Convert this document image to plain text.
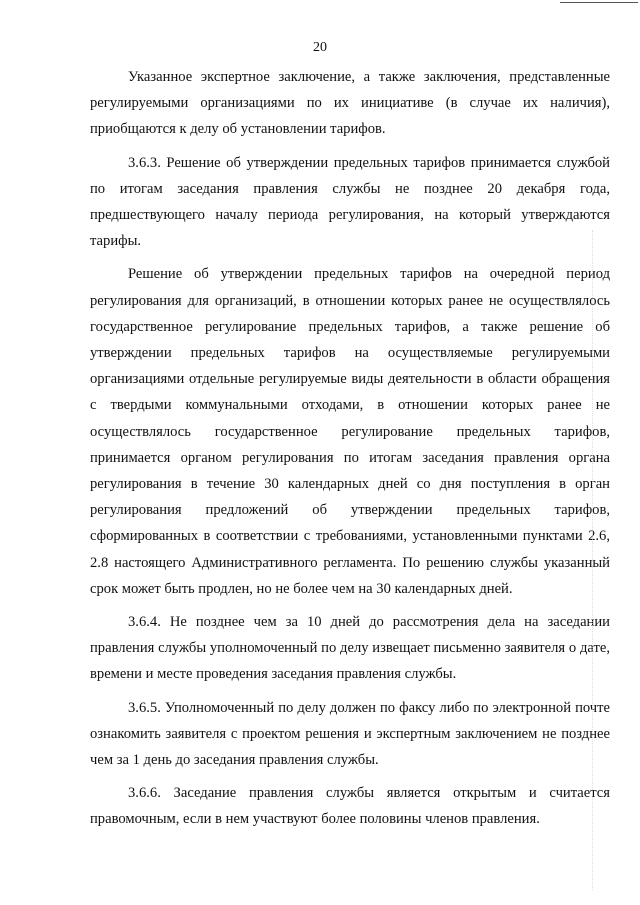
20

Указанное экспертное заключение, а также заключения, представленные регулируемыми организациями по их инициативе (в случае их наличия), приобщаются к делу об установлении тарифов.

3.6.3. Решение об утверждении предельных тарифов принимается службой по итогам заседания правления службы не позднее 20 декабря года, предшествующего началу периода регулирования, на который утверждаются тарифы.

Решение об утверждении предельных тарифов на очередной период регулирования для организаций, в отношении которых ранее не осуществлялось государственное регулирование предельных тарифов, а также решение об утверждении предельных тарифов на осуществляемые регулируемыми организациями отдельные регулируемые виды деятельности в области обращения с твердыми коммунальными отходами, в отношении которых ранее не осуществлялось государственное регулирование предельных тарифов, принимается органом регулирования по итогам заседания правления органа регулирования в течение 30 календарных дней со дня поступления в орган регулирования предложений об утверждении предельных тарифов, сформированных в соответствии с требованиями, установленными пунктами 2.6, 2.8 настоящего Административного регламента. По решению службы указанный срок может быть продлен, но не более чем на 30 календарных дней.

3.6.4. Не позднее чем за 10 дней до рассмотрения дела на заседании правления службы уполномоченный по делу извещает письменно заявителя о дате, времени и месте проведения заседания правления службы.

3.6.5. Уполномоченный по делу должен по факсу либо по электронной почте ознакомить заявителя с проектом решения и экспертным заключением не позднее чем за 1 день до заседания правления службы.

3.6.6. Заседание правления службы является открытым и считается правомочным, если в нем участвуют более половины членов правления.
